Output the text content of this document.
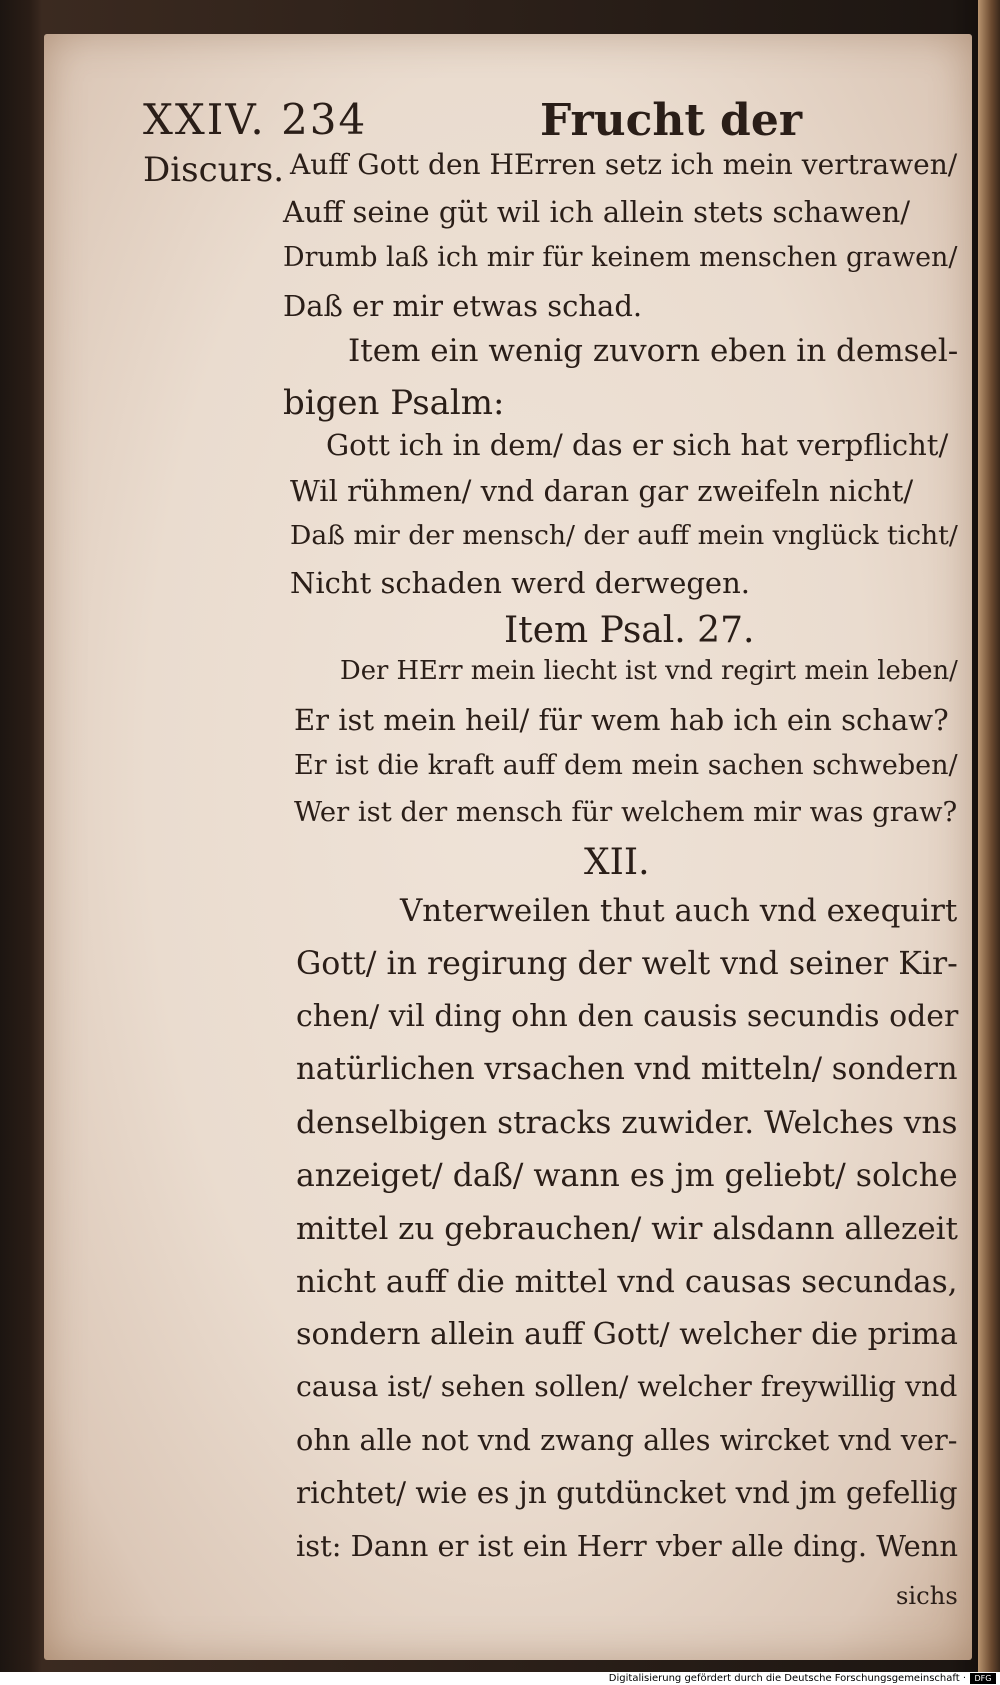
XXIV. 234	Frucht der
Discurs. Auff Gott den HErren setz ich mein vertrawen/
Auff seine güt wil ich allein stets schawen/
Drumb laß ich mir für keinem menschen grawen/
Daß er mir etwas schad.
Item ein wenig zuvorn eben in demsel-
bigen Psalm:
Gott ich in dem/ das er sich hat verpflicht/
Wil rühmen/ vnd daran gar zweifeln nicht/
Daß mir der mensch/ der auff mein vnglück ticht/
Nicht schaden werd derwegen.
Item Psal. 27.
Der HErr mein liecht ist vnd regirt mein leben/
Er ist mein heil/ für wem hab ich ein schaw?
Er ist die kraft auff dem mein sachen schweben/
Wer ist der mensch für welchem mir was graw?
XII.
Vnterweilen thut auch vnd exequirt
Gott/ in regirung der welt vnd seiner Kir-
chen/ vil ding ohn den causis secundis oder
natürlichen vrsachen vnd mitteln/ sondern
denselbigen stracks zuwider. Welches vns
anzeiget/ daß/ wann es jm geliebt/ solche
mittel zu gebrauchen/ wir alsdann allezeit
nicht auff die mittel vnd causas secundas,
sondern allein auff Gott/ welcher die prima
causa ist/ sehen sollen/ welcher freywillig vnd
ohn alle not vnd zwang alles wircket vnd ver-
richtet/ wie es jn gutdüncket vnd jm gefellig
ist: Dann er ist ein Herr vber alle ding. Wenn
sichs
Digitalisierung gefördert durch die Deutsche Forschungsgemeinschaft ·	DFG
